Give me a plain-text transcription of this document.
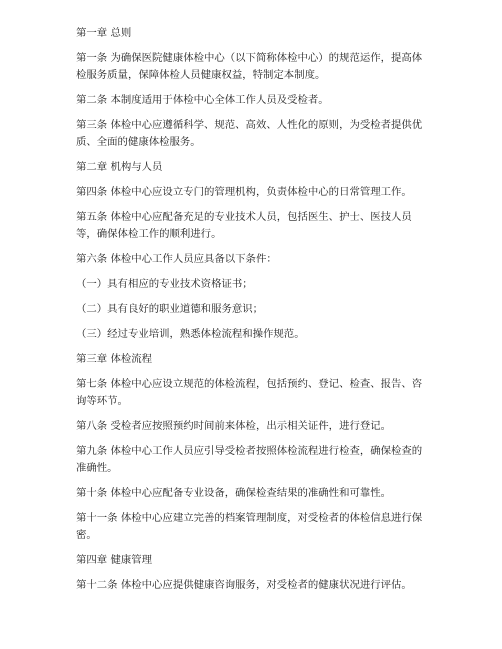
第一章 总则

第一条 为确保医院健康体检中心（以下简称体检中心）的规范运作，提高体检服务质量，保障体检人员健康权益，特制定本制度。

第二条 本制度适用于体检中心全体工作人员及受检者。

第三条 体检中心应遵循科学、规范、高效、人性化的原则，为受检者提供优质、全面的健康体检服务。

第二章 机构与人员

第四条 体检中心应设立专门的管理机构，负责体检中心的日常管理工作。

第五条 体检中心应配备充足的专业技术人员，包括医生、护士、医技人员等，确保体检工作的顺利进行。

第六条 体检中心工作人员应具备以下条件：

（一）具有相应的专业技术资格证书；

（二）具有良好的职业道德和服务意识；

（三）经过专业培训，熟悉体检流程和操作规范。

第三章 体检流程

第七条 体检中心应设立规范的体检流程，包括预约、登记、检查、报告、咨询等环节。

第八条 受检者应按照预约时间前来体检，出示相关证件，进行登记。

第九条 体检中心工作人员应引导受检者按照体检流程进行检查，确保检查的准确性。

第十条 体检中心应配备专业设备，确保检查结果的准确性和可靠性。

第十一条 体检中心应建立完善的档案管理制度，对受检者的体检信息进行保密。

第四章 健康管理

第十二条 体检中心应提供健康咨询服务，对受检者的健康状况进行评估。
